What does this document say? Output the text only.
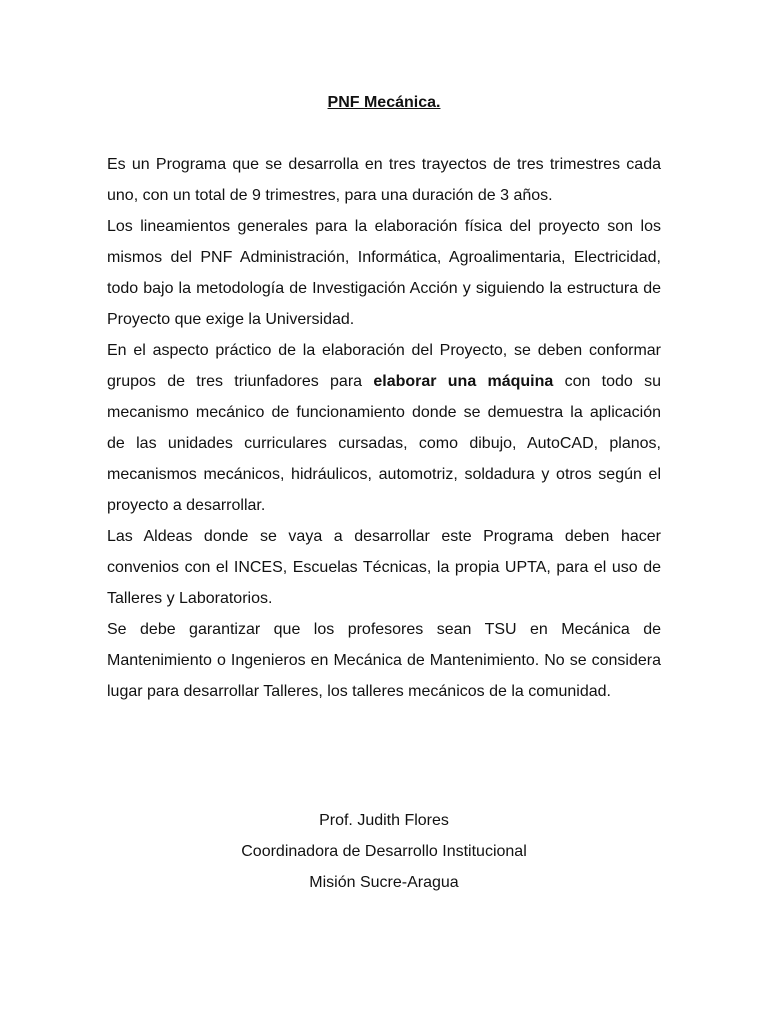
PNF Mecánica.

Es un Programa que se desarrolla en tres trayectos de tres trimestres cada uno, con un total de 9 trimestres, para una duración de 3 años.

Los lineamientos generales para la elaboración física del proyecto son los mismos del PNF Administración, Informática, Agroalimentaria, Electricidad, todo bajo la metodología de Investigación Acción y siguiendo la estructura de Proyecto que exige la Universidad.

En el aspecto práctico de la elaboración del Proyecto, se deben conformar grupos de tres triunfadores para elaborar una máquina con todo su mecanismo mecánico de funcionamiento donde se demuestra la aplicación de las unidades curriculares cursadas, como dibujo, AutoCAD, planos, mecanismos mecánicos, hidráulicos, automotriz, soldadura y otros según el proyecto a desarrollar.

Las Aldeas donde se vaya a desarrollar este Programa deben hacer convenios con el INCES, Escuelas Técnicas, la propia UPTA, para el uso de Talleres y Laboratorios.

Se debe garantizar que los profesores sean TSU en Mecánica de Mantenimiento o Ingenieros en Mecánica de Mantenimiento. No se considera lugar para desarrollar Talleres, los talleres mecánicos de la comunidad.

Prof. Judith Flores
Coordinadora de Desarrollo Institucional
Misión Sucre-Aragua
